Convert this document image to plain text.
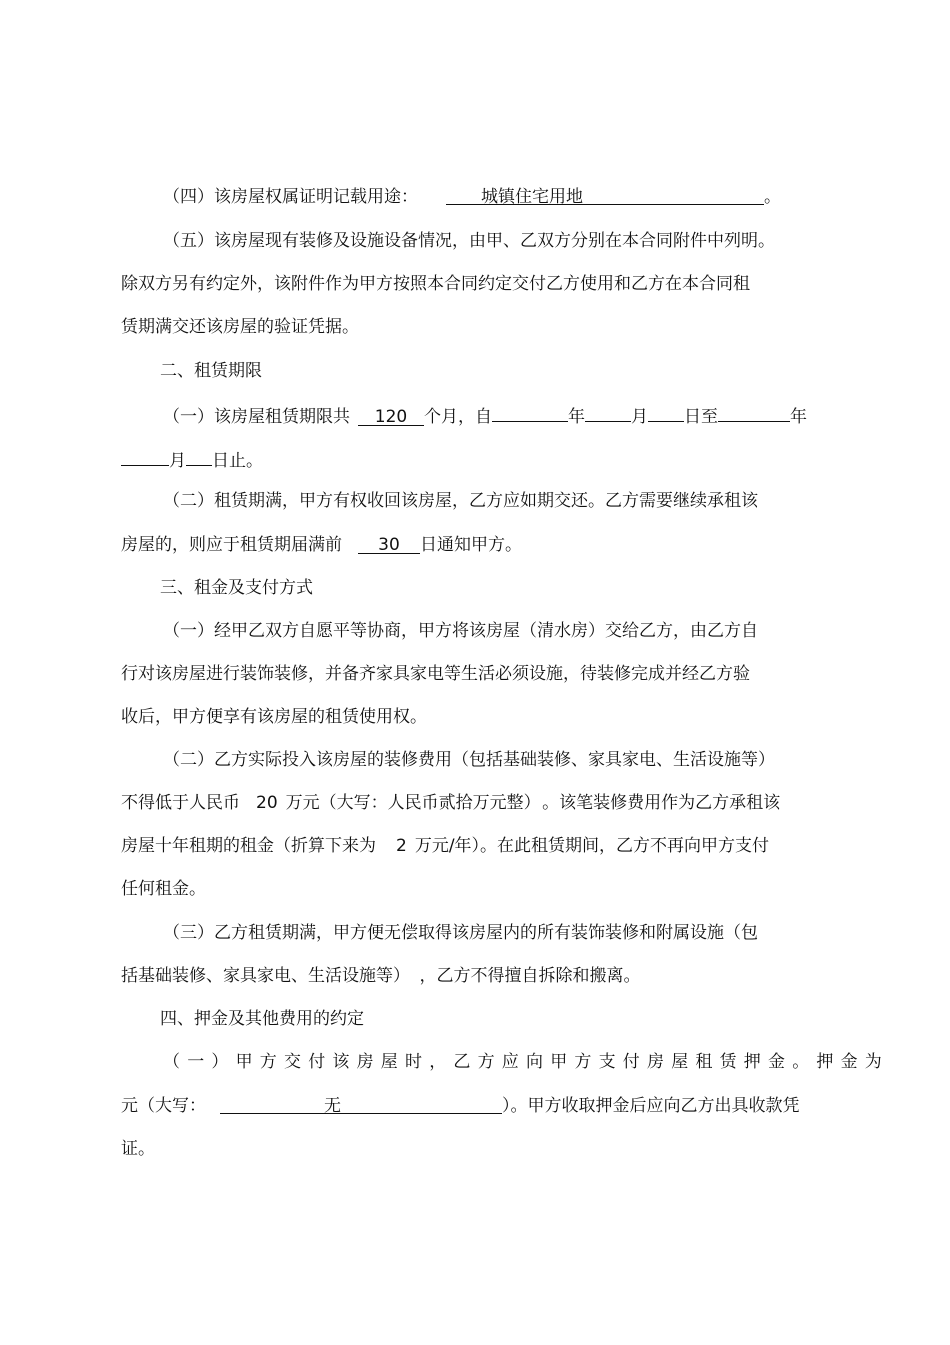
（四）该房屋权属证明记载用途：	城镇住宅用地	。
（五）该房屋现有装修及设施设备情况，由甲、乙双方分别在本合同附件中列明。
除双方另有约定外，该附件作为甲方按照本合同约定交付乙方使用和乙方在本合同租
赁期满交还该房屋的验证凭据。
二、租赁期限
（一）该房屋租赁期限共 120 个月，自	年	月 日至	年
月 日止。
（二）租赁期满，甲方有权收回该房屋，乙方应如期交还。乙方需要继续承租该
房屋的，则应于租赁期届满前 30 日通知甲方。
三、租金及支付方式
（一）经甲乙双方自愿平等协商，甲方将该房屋（清水房）交给乙方，由乙方自
行对该房屋进行装饰装修，并备齐家具家电等生活必须设施，待装修完成并经乙方验
收后，甲方便享有该房屋的租赁使用权。
（二）乙方实际投入该房屋的装修费用（包括基础装修、家具家电、生活设施等）
不得低于人民币 20 万元（大写：人民币贰拾万元整） 。该笔装修费用作为乙方承租该
房屋十年租期的租金（折算下来为 2 万元/年）。在此租赁期间，乙方不再向甲方支付
任何租金。
（三）乙方租赁期满，甲方便无偿取得该房屋内的所有装饰装修和附属设施（包
括基础装修、家具家电、生活设施等） ，乙方不得擅自拆除和搬离。
四、押金及其他费用的约定
（一）甲方交付该房屋时，乙方应向甲方支付房屋租赁押金。押金为
元（大写：	无	）。甲方收取押金后应向乙方出具收款凭
证。
